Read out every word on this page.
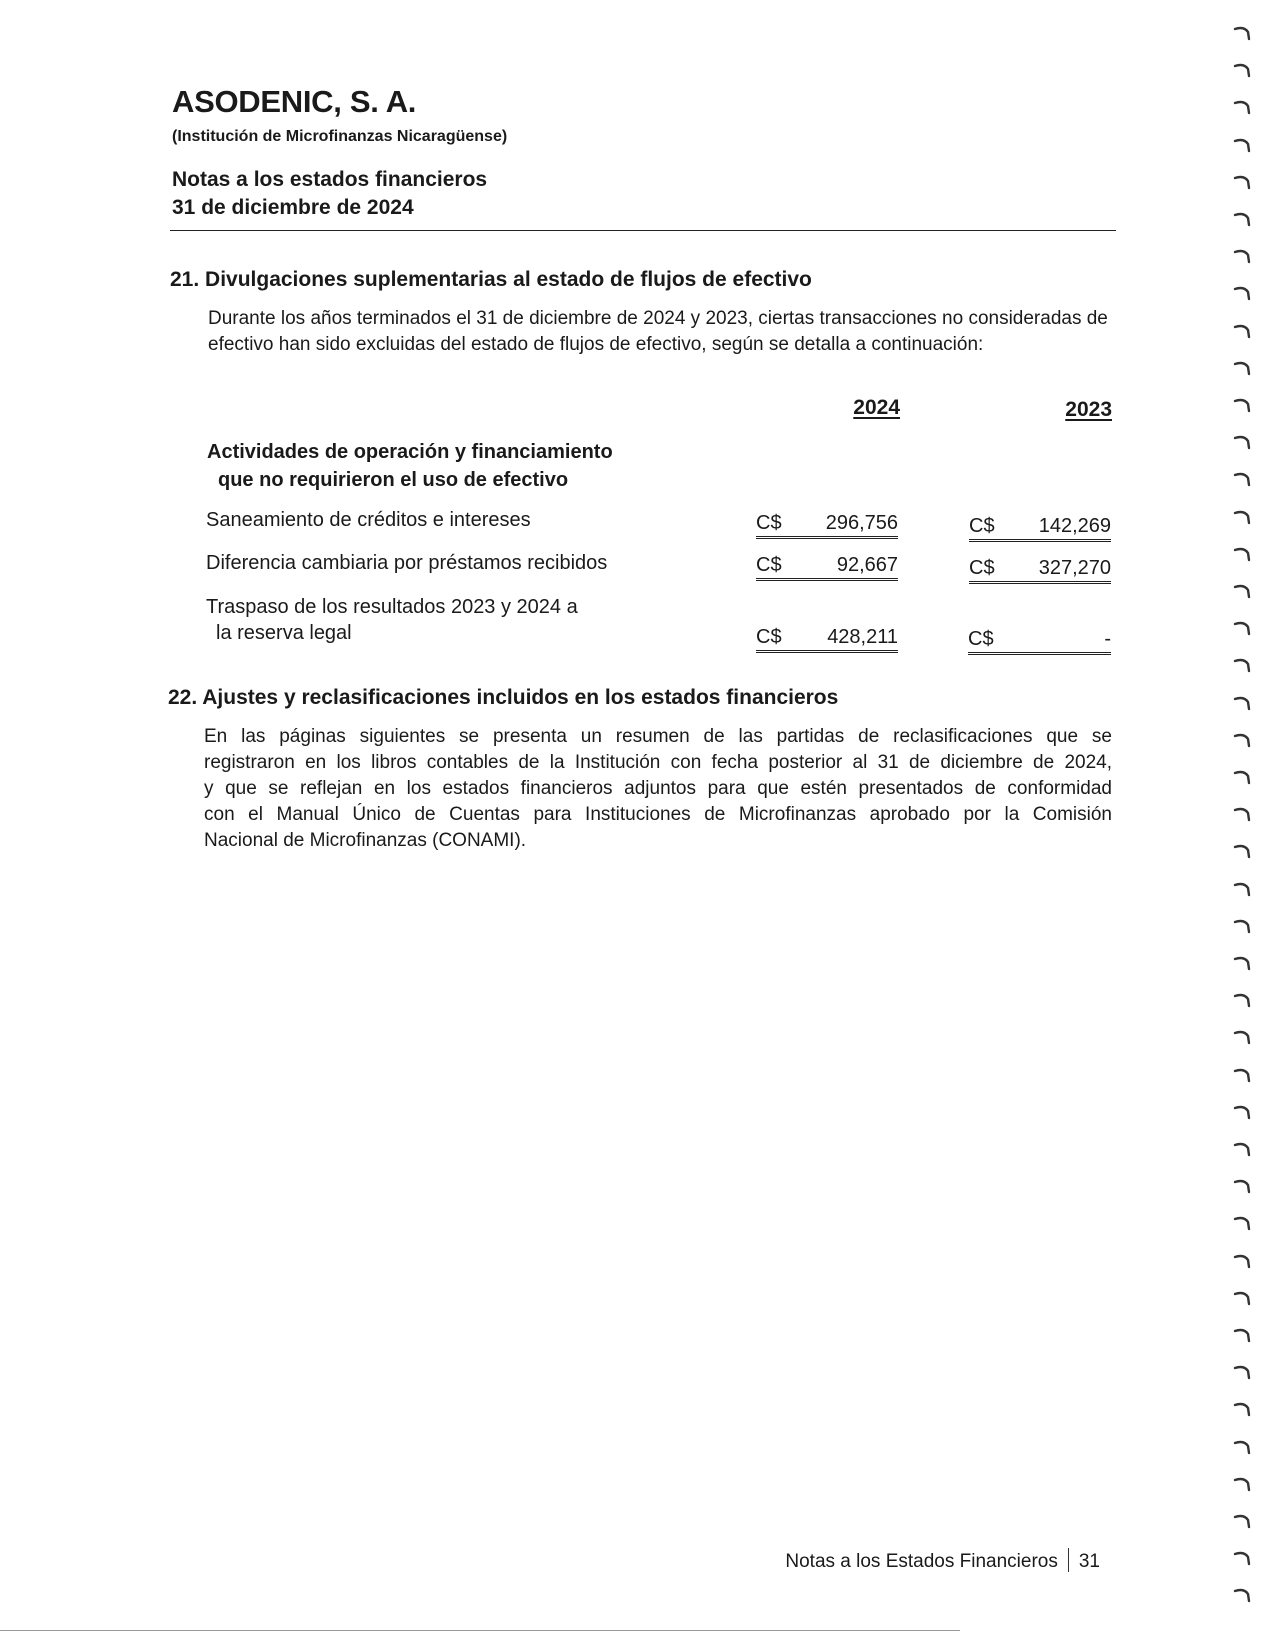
ASODENIC, S. A.
(Institución de Microfinanzas Nicaragüense)
Notas a los estados financieros
31 de diciembre de 2024
21. Divulgaciones suplementarias al estado de flujos de efectivo
Durante los años terminados el 31 de diciembre de 2024 y 2023, ciertas transacciones no consideradas de
efectivo han sido excluidas del estado de flujos de efectivo, según se detalla a continuación:
2024	2023
Actividades de operación y financiamiento
que no requirieron el uso de efectivo
Saneamiento de créditos e intereses	C$ 296,756	C$ 142,269
Diferencia cambiaria por préstamos recibidos	C$	92,667	C$ 327,270
Traspaso de los resultados 2023 y 2024 a
la reserva legal	C$ 428,211	C$	-
22. Ajustes y reclasificaciones incluidos en los estados financieros
En las páginas siguientes se presenta un resumen de las partidas de reclasificaciones que se
registraron en los libros contables de la Institución con fecha posterior al 31 de diciembre de 2024,
y que se reflejan en los estados financieros adjuntos para que estén presentados de conformidad
con el Manual Único de Cuentas para Instituciones de Microfinanzas aprobado por la Comisión
Nacional de Microfinanzas (CONAMI).
Notas a los Estados Financieros 31
